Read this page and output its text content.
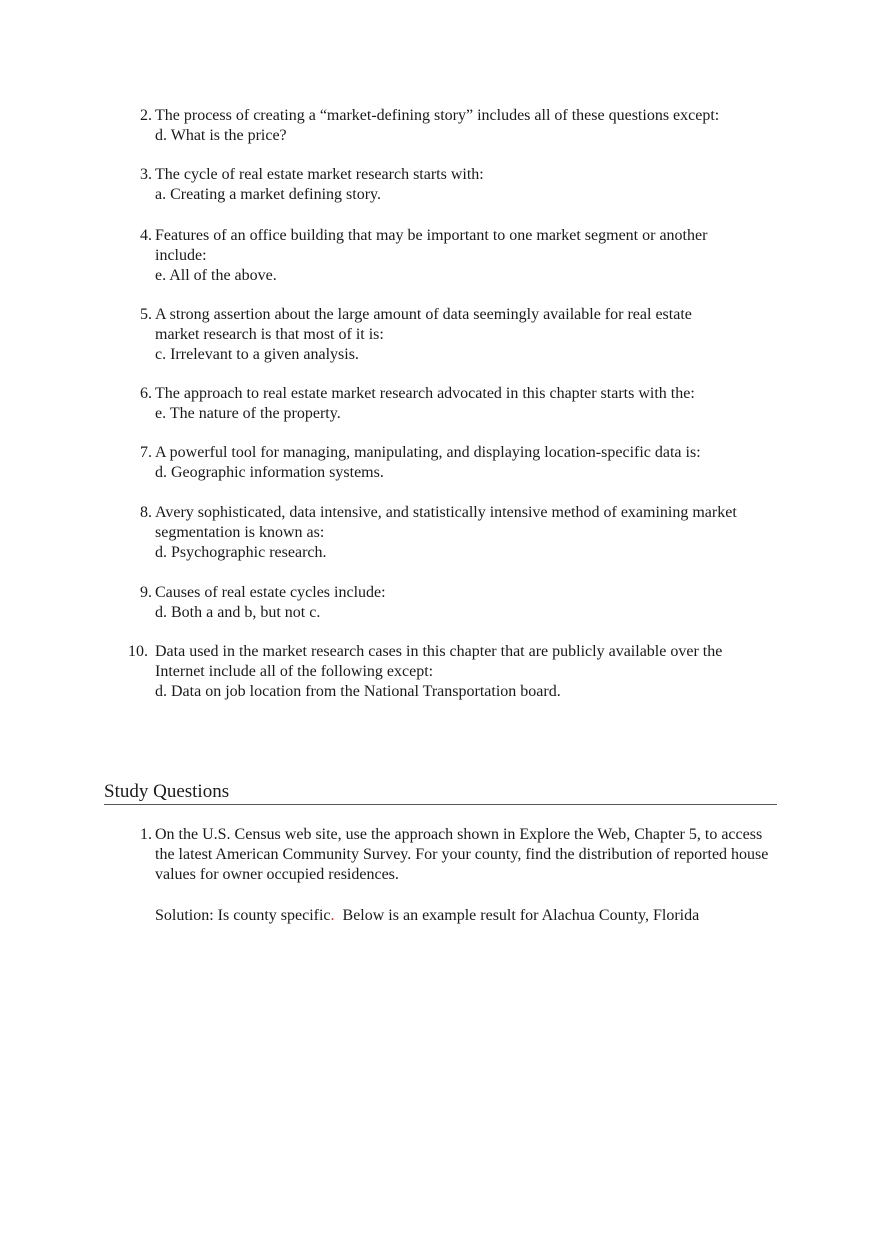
2. The process of creating a “market-defining story” includes all of these questions except:
d. What is the price?
3. The cycle of real estate market research starts with:
a. Creating a market defining story.
4. Features of an office building that may be important to one market segment or another include:
e. All of the above.
5. A strong assertion about the large amount of data seemingly available for real estate market research is that most of it is:
c. Irrelevant to a given analysis.
6. The approach to real estate market research advocated in this chapter starts with the:
e. The nature of the property.
7. A powerful tool for managing, manipulating, and displaying location-specific data is:
d. Geographic information systems.
8. Avery sophisticated, data intensive, and statistically intensive method of examining market segmentation is known as:
d. Psychographic research.
9. Causes of real estate cycles include:
d. Both a and b, but not c.
10. Data used in the market research cases in this chapter that are publicly available over the Internet include all of the following except:
d. Data on job location from the National Transportation board.
Study Questions
1. On the U.S. Census web site, use the approach shown in Explore the Web, Chapter 5, to access the latest American Community Survey. For your county, find the distribution of reported house values for owner occupied residences.
Solution: Is county specific.  Below is an example result for Alachua County, Florida
